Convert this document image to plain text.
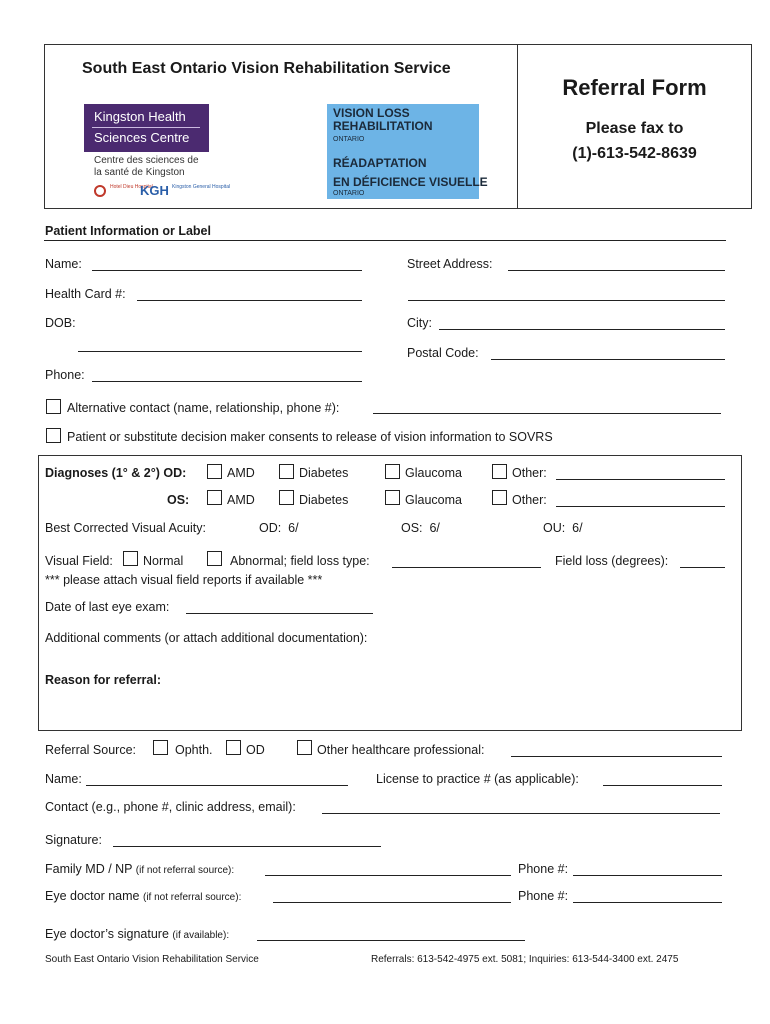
South East Ontario Vision Rehabilitation Service
Kingston Health
Sciences Centre
Centre des sciences de
la santé de Kingston
Hotel Dieu Hospital
KGH Kingston General Hospital
VISION LOSS
REHABILITATION
ONTARIO
RÉADAPTATION
EN DÉFICIENCE VISUELLE
ONTARIO
Referral Form
Please fax to
(1)-613-542-8639
Patient Information or Label
Name:	Street Address:
Health Card #:
DOB:	City:
Postal Code:
Phone:
Alternative contact (name, relationship, phone #):
Patient or substitute decision maker consents to release of vision information to SOVRS
Diagnoses (1° & 2°) OD:	AMD	Diabetes	Glaucoma	Other:
OS:	AMD	Diabetes	Glaucoma	Other:
Best Corrected Visual Acuity:	OD:  6/	OS:  6/	OU:  6/
Visual Field: Normal	Abnormal; field loss type:	Field loss (degrees):
*** please attach visual field reports if available ***
Date of last eye exam:
Additional comments (or attach additional documentation):
Reason for referral:
Referral Source:	Ophth.	OD	Other healthcare professional:
Name:	License to practice # (as applicable):
Contact (e.g., phone #, clinic address, email):
Signature:
Family MD / NP (if not referral source):	Phone #:
Eye doctor name (if not referral source):	Phone #:
Eye doctor’s signature (if available):
South East Ontario Vision Rehabilitation Service	Referrals: 613-542-4975 ext. 5081; Inquiries: 613-544-3400 ext. 2475
